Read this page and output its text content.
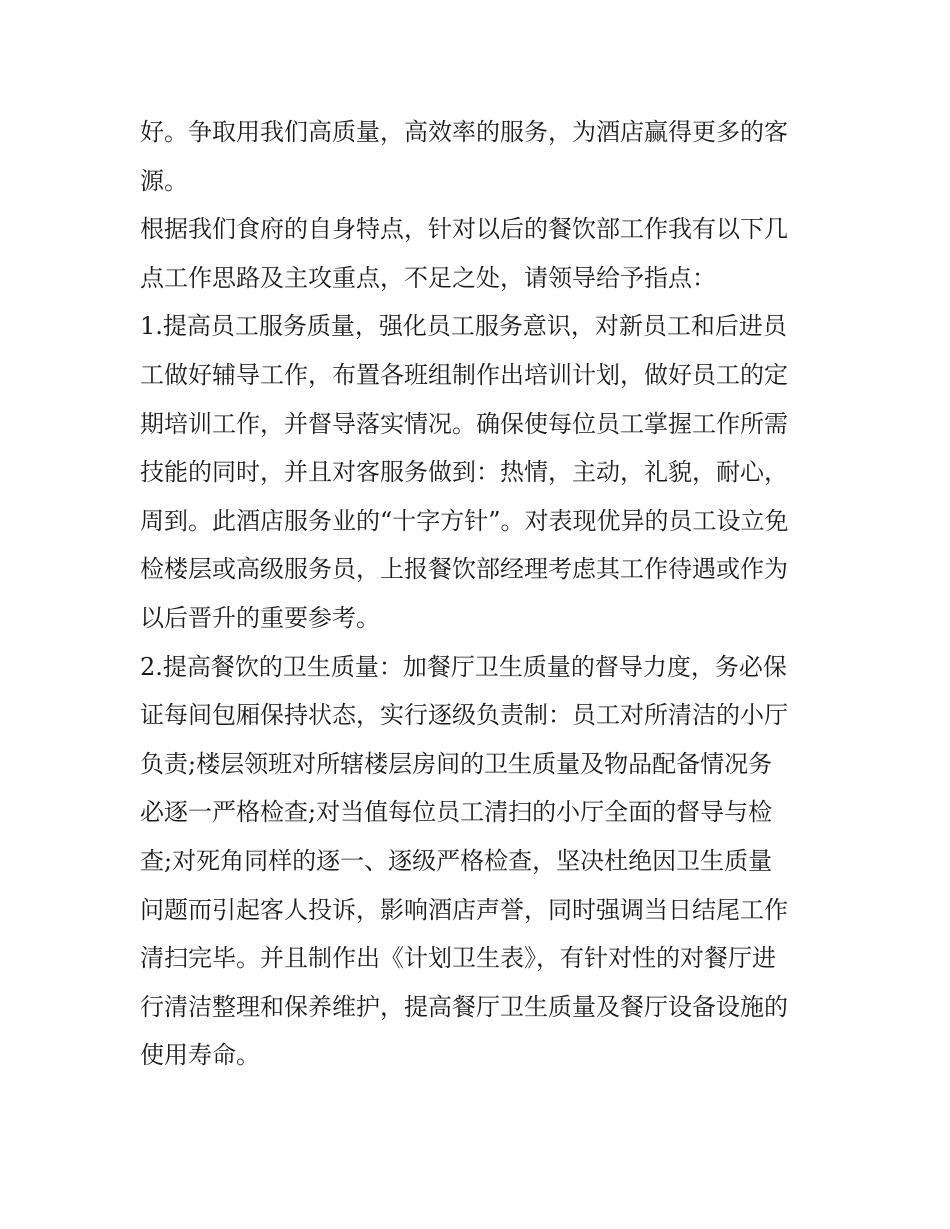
好。争取用我们高质量，高效率的服务，为酒店赢得更多的客
源。
根据我们食府的自身特点，针对以后的餐饮部工作我有以下几
点工作思路及主攻重点，不足之处，请领导给予指点：
1.提高员工服务质量，强化员工服务意识，对新员工和后进员
工做好辅导工作，布置各班组制作出培训计划，做好员工的定
期培训工作，并督导落实情况。确保使每位员工掌握工作所需
技能的同时，并且对客服务做到：热情，主动，礼貌，耐心，
周到。此酒店服务业的“十字方针”。对表现优异的员工设立免
检楼层或高级服务员，上报餐饮部经理考虑其工作待遇或作为
以后晋升的重要参考。
2.提高餐饮的卫生质量：加餐厅卫生质量的督导力度，务必保
证每间包厢保持状态，实行逐级负责制：员工对所清洁的小厅
负责;楼层领班对所辖楼层房间的卫生质量及物品配备情况务
必逐一严格检查;对当值每位员工清扫的小厅全面的督导与检
查;对死角同样的逐一、逐级严格检查，坚决杜绝因卫生质量
问题而引起客人投诉，影响酒店声誉，同时强调当日结尾工作
清扫完毕。并且制作出《计划卫生表》，有针对性的对餐厅进
行清洁整理和保养维护，提高餐厅卫生质量及餐厅设备设施的
使用寿命。
